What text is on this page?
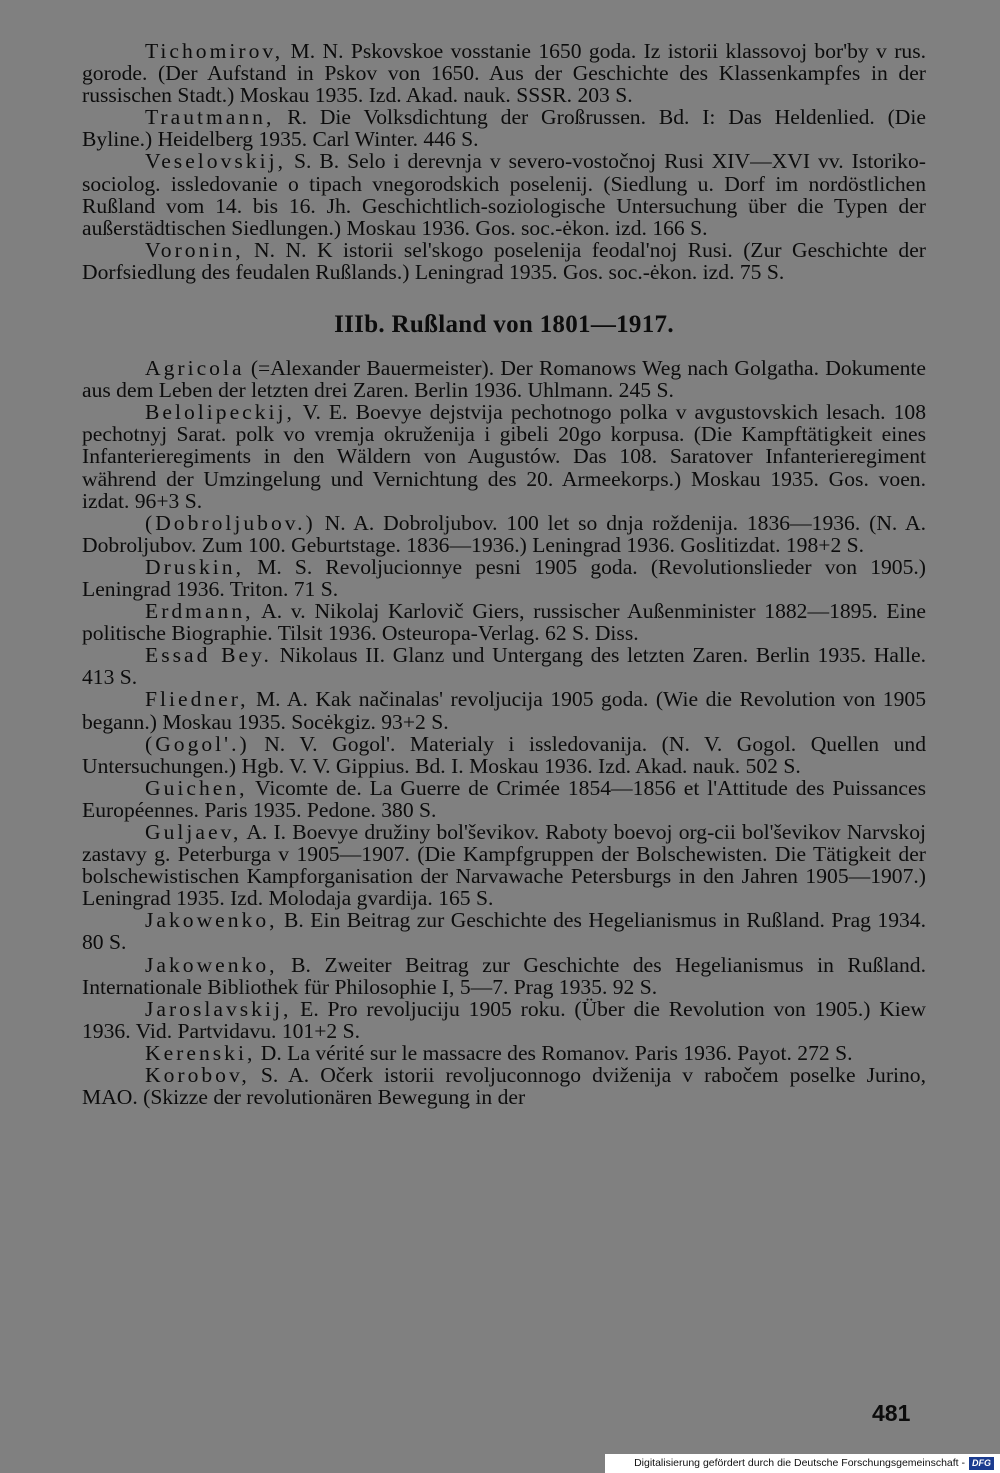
Tichomirov, M. N. Pskovskoe vosstanie 1650 goda. Iz istorii klassovoj bor'by v rus. gorode. (Der Aufstand in Pskov von 1650. Aus der Geschichte des Klassenkampfes in der russischen Stadt.) Moskau 1935. Izd. Akad. nauk. SSSR. 203 S.

Trautmann, R. Die Volksdichtung der Großrussen. Bd. I: Das Heldenlied. (Die Byline.) Heidelberg 1935. Carl Winter. 446 S.

Veselovskij, S. B. Selo i derevnja v severo-vostočnoj Rusi XIV—XVI vv. Istoriko-sociolog. issledovanie o tipach vnegorodskich poselenij. (Siedlung u. Dorf im nordöstlichen Rußland vom 14. bis 16. Jh. Geschichtlich-soziologische Untersuchung über die Typen der außerstädtischen Siedlungen.) Moskau 1936. Gos. soc.-ėkon. izd. 166 S.

Voronin, N. N. K istorii sel'skogo poselenija feodal'noj Rusi. (Zur Geschichte der Dorfsiedlung des feudalen Rußlands.) Leningrad 1935. Gos. soc.-ėkon. izd. 75 S.

IIIb. Rußland von 1801—1917.

Agricola (=Alexander Bauermeister). Der Romanows Weg nach Golgatha. Dokumente aus dem Leben der letzten drei Zaren. Berlin 1936. Uhlmann. 245 S.

Belolipeckij, V. E. Boevye dejstvija pechotnogo polka v avgustovskich lesach. 108 pechotnyj Sarat. polk vo vremja okruženija i gibeli 20go korpusa. (Die Kampftätigkeit eines Infanterieregiments in den Wäldern von Augustów. Das 108. Saratover Infanterieregiment während der Umzingelung und Vernichtung des 20. Armeekorps.) Moskau 1935. Gos. voen. izdat. 96+3 S.

(Dobroljubov.) N. A. Dobroljubov. 100 let so dnja roždenija. 1836—1936. (N. A. Dobroljubov. Zum 100. Geburtstage. 1836—1936.) Leningrad 1936. Goslitizdat. 198+2 S.

Druskin, M. S. Revoljucionnye pesni 1905 goda. (Revolutionslieder von 1905.) Leningrad 1936. Triton. 71 S.

Erdmann, A. v. Nikolaj Karlovič Giers, russischer Außenminister 1882—1895. Eine politische Biographie. Tilsit 1936. Osteuropa-Verlag. 62 S. Diss.

Essad Bey. Nikolaus II. Glanz und Untergang des letzten Zaren. Berlin 1935. Halle. 413 S.

Fliedner, M. A. Kak načinalas' revoljucija 1905 goda. (Wie die Revolution von 1905 begann.) Moskau 1935. Socėkgiz. 93+2 S.

(Gogol'.) N. V. Gogol'. Materialy i issledovanija. (N. V. Gogol. Quellen und Untersuchungen.) Hgb. V. V. Gippius. Bd. I. Moskau 1936. Izd. Akad. nauk. 502 S.

Guichen, Vicomte de. La Guerre de Crimée 1854—1856 et l'Attitude des Puissances Européennes. Paris 1935. Pedone. 380 S.

Guljaev, A. I. Boevye družiny bol'ševikov. Raboty boevoj org-cii bol'ševikov Narvskoj zastavy g. Peterburga v 1905—1907. (Die Kampfgruppen der Bolschewisten. Die Tätigkeit der bolschewistischen Kampforganisation der Narvawache Petersburgs in den Jahren 1905—1907.) Leningrad 1935. Izd. Molodaja gvardija. 165 S.

Jakowenko, B. Ein Beitrag zur Geschichte des Hegelianismus in Rußland. Prag 1934. 80 S.

Jakowenko, B. Zweiter Beitrag zur Geschichte des Hegelianismus in Rußland. Internationale Bibliothek für Philosophie I, 5—7. Prag 1935. 92 S.

Jaroslavskij, E. Pro revoljuciju 1905 roku. (Über die Revolution von 1905.) Kiew 1936. Vid. Partvidavu. 101+2 S.

Kerenski, D. La vérité sur le massacre des Romanov. Paris 1936. Payot. 272 S.

Korobov, S. A. Očerk istorii revoljuconnogo dviženija v rabočem poselke Jurino, MAO. (Skizze der revolutionären Bewegung in der

481
Digitalisierung gefördert durch die Deutsche Forschungsgemeinschaft - DFG
